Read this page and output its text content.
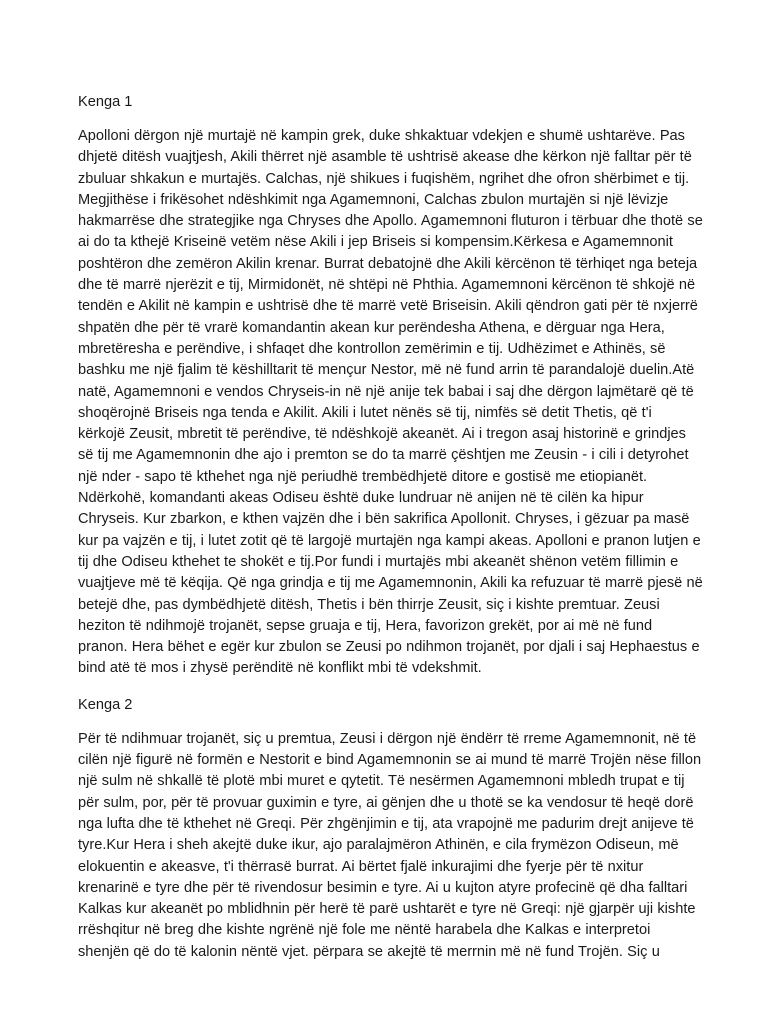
Kenga 1

Apolloni dërgon një murtajë në kampin grek, duke shkaktuar vdekjen e shumë ushtarëve. Pas dhjetë ditësh vuajtjesh, Akili thërret një asamble të ushtrisë akease dhe kërkon një falltar për të zbuluar shkakun e murtajës. Calchas, një shikues i fuqishëm, ngrihet dhe ofron shërbimet e tij. Megjithëse i frikësohet ndëshkimit nga Agamemnoni, Calchas zbulon murtajën si një lëvizje hakmarrëse dhe strategjike nga Chryses dhe Apollo. Agamemnoni fluturon i tërbuar dhe thotë se ai do ta kthejë Kriseinë vetëm nëse Akili i jep Briseis si kompensim.Kërkesa e Agamemnonit poshtëron dhe zemëron Akilin krenar. Burrat debatojnë dhe Akili kërcënon të tërhiqet nga beteja dhe të marrë njerëzit e tij, Mirmidonët, në shtëpi në Phthia. Agamemnoni kërcënon të shkojë në tendën e Akilit në kampin e ushtrisë dhe të marrë vetë Briseisin. Akili qëndron gati për të nxjerrë shpatën dhe për të vrarë komandantin akean kur perëndesha Athena, e dërguar nga Hera, mbretëresha e perëndive, i shfaqet dhe kontrollon zemërimin e tij. Udhëzimet e Athinës, së bashku me një fjalim të këshilltarit të mençur Nestor, më në fund arrin të parandalojë duelin.Atë natë, Agamemnoni e vendos Chryseis-in në një anije tek babai i saj dhe dërgon lajmëtarë që të shoqërojnë Briseis nga tenda e Akilit. Akili i lutet nënës së tij, nimfës së detit Thetis, që t'i kërkojë Zeusit, mbretit të perëndive, të ndëshkojë akeanët. Ai i tregon asaj historinë e grindjes së tij me Agamemnonin dhe ajo i premton se do ta marrë çështjen me Zeusin - i cili i detyrohet një nder - sapo të kthehet nga një periudhë trembëdhjetë ditore e gostisë me etiopianët. Ndërkohë, komandanti akeas Odiseu është duke lundruar në anijen në të cilën ka hipur Chryseis. Kur zbarkon, e kthen vajzën dhe i bën sakrifica Apollonit. Chryses, i gëzuar pa masë kur pa vajzën e tij, i lutet zotit që të largojë murtajën nga kampi akeas. Apolloni e pranon lutjen e tij dhe Odiseu kthehet te shokët e tij.Por fundi i murtajës mbi akeanët shënon vetëm fillimin e vuajtjeve më të këqija. Që nga grindja e tij me Agamemnonin, Akili ka refuzuar të marrë pjesë në betejë dhe, pas dymbëdhjetë ditësh, Thetis i bën thirrje Zeusit, siç i kishte premtuar. Zeusi heziton të ndihmojë trojanët, sepse gruaja e tij, Hera, favorizon grekët, por ai më në fund pranon. Hera bëhet e egër kur zbulon se Zeusi po ndihmon trojanët, por djali i saj Hephaestus e bind atë të mos i zhysë perënditë në konflikt mbi të vdekshmit.

Kenga 2

Për të ndihmuar trojanët, siç u premtua, Zeusi i dërgon një ëndërr të rreme Agamemnonit, në të cilën një figurë në formën e Nestorit e bind Agamemnonin se ai mund të marrë Trojën nëse fillon një sulm në shkallë të plotë mbi muret e qytetit. Të nesërmen Agamemnoni mbledh trupat e tij për sulm, por, për të provuar guximin e tyre, ai gënjen dhe u thotë se ka vendosur të heqë dorë nga lufta dhe të kthehet në Greqi. Për zhgënjimin e tij, ata vrapojnë me padurim drejt anijeve të tyre.Kur Hera i sheh akejtë duke ikur, ajo paralajmëron Athinën, e cila frymëzon Odiseun, më elokuentin e akeasve, t'i thërrasë burrat. Ai bërtet fjalë inkurajimi dhe fyerje për të nxitur krenarinë e tyre dhe për të rivendosur besimin e tyre. Ai u kujton atyre profecinë që dha falltari Kalkas kur akeanët po mblidhnin për herë të parë ushtarët e tyre në Greqi: një gjarpër uji kishte rrëshqitur në breg dhe kishte ngrënë një fole me nëntë harabela dhe Kalkas e interpretoi shenjën që do të kalonin nëntë vjet. përpara se akejtë të merrnin më në fund Trojën. Siç u
